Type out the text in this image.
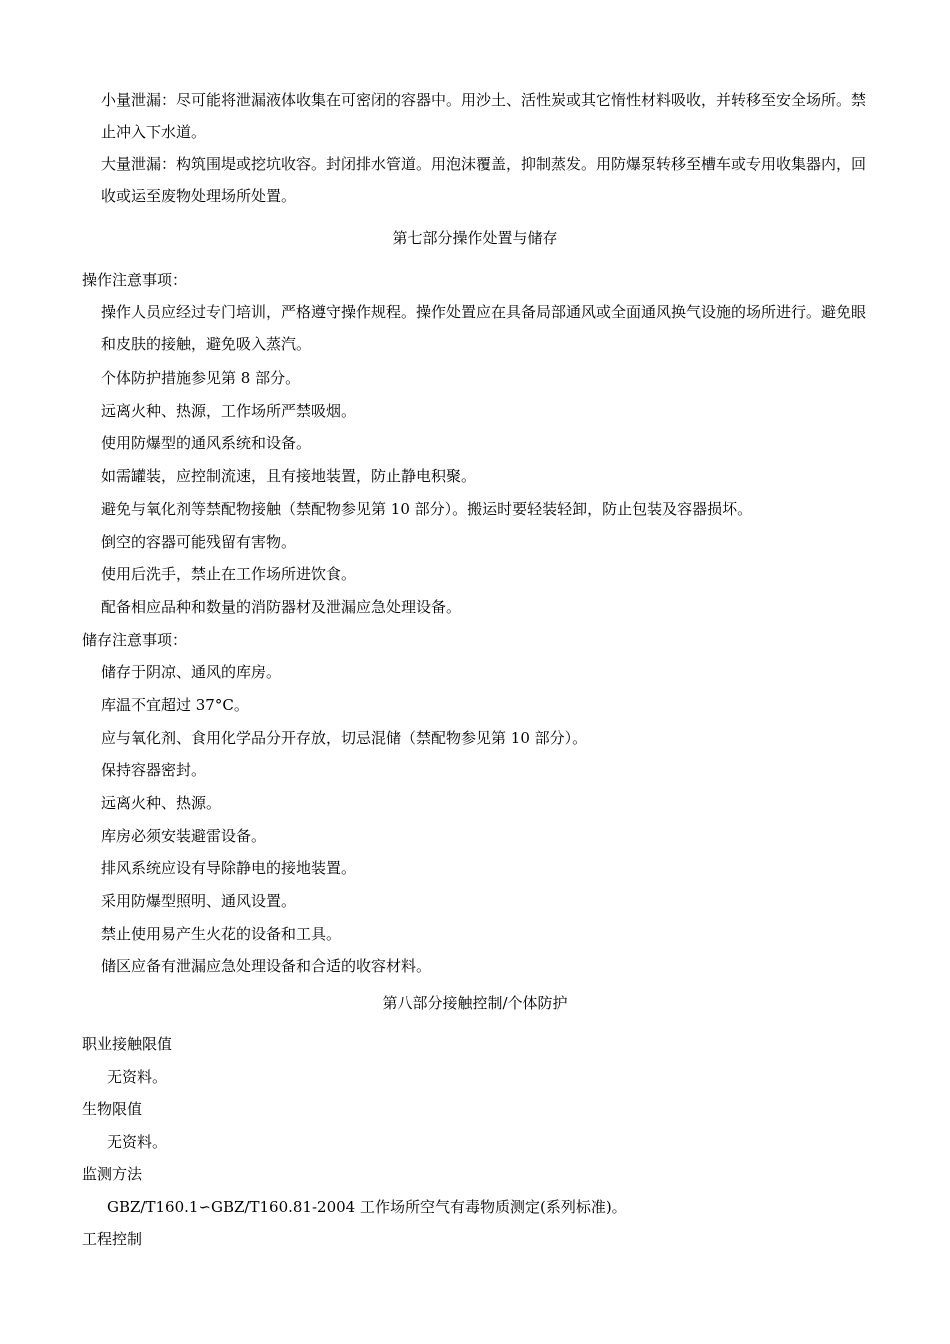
小量泄漏：尽可能将泄漏液体收集在可密闭的容器中。用沙土、活性炭或其它惰性材料吸收，并转移至安全场所。禁止冲入下水道。
大量泄漏：构筑围堤或挖坑收容。封闭排水管道。用泡沫覆盖，抑制蒸发。用防爆泵转移至槽车或专用收集器内，回收或运至废物处理场所处置。
第七部分操作处置与储存
操作注意事项：
操作人员应经过专门培训，严格遵守操作规程。操作处置应在具备局部通风或全面通风换气设施的场所进行。避免眼和皮肤的接触，避免吸入蒸汽。
个体防护措施参见第 8 部分。
远离火种、热源，工作场所严禁吸烟。
使用防爆型的通风系统和设备。
如需罐装，应控制流速，且有接地装置，防止静电积聚。
避免与氧化剂等禁配物接触（禁配物参见第 10 部分）。搬运时要轻装轻卸，防止包装及容器损坏。
倒空的容器可能残留有害物。
使用后洗手，禁止在工作场所进饮食。
配备相应品种和数量的消防器材及泄漏应急处理设备。
储存注意事项：
储存于阴凉、通风的库房。
库温不宜超过 37°C。
应与氧化剂、食用化学品分开存放，切忌混储（禁配物参见第 10 部分）。
保持容器密封。
远离火种、热源。
库房必须安装避雷设备。
排风系统应设有导除静电的接地装置。
采用防爆型照明、通风设置。
禁止使用易产生火花的设备和工具。
储区应备有泄漏应急处理设备和合适的收容材料。
第八部分接触控制/个体防护
职业接触限值
无资料。
生物限值
无资料。
监测方法
GBZ/T160.1∽GBZ/T160.81-2004 工作场所空气有毒物质测定(系列标准)。
工程控制
